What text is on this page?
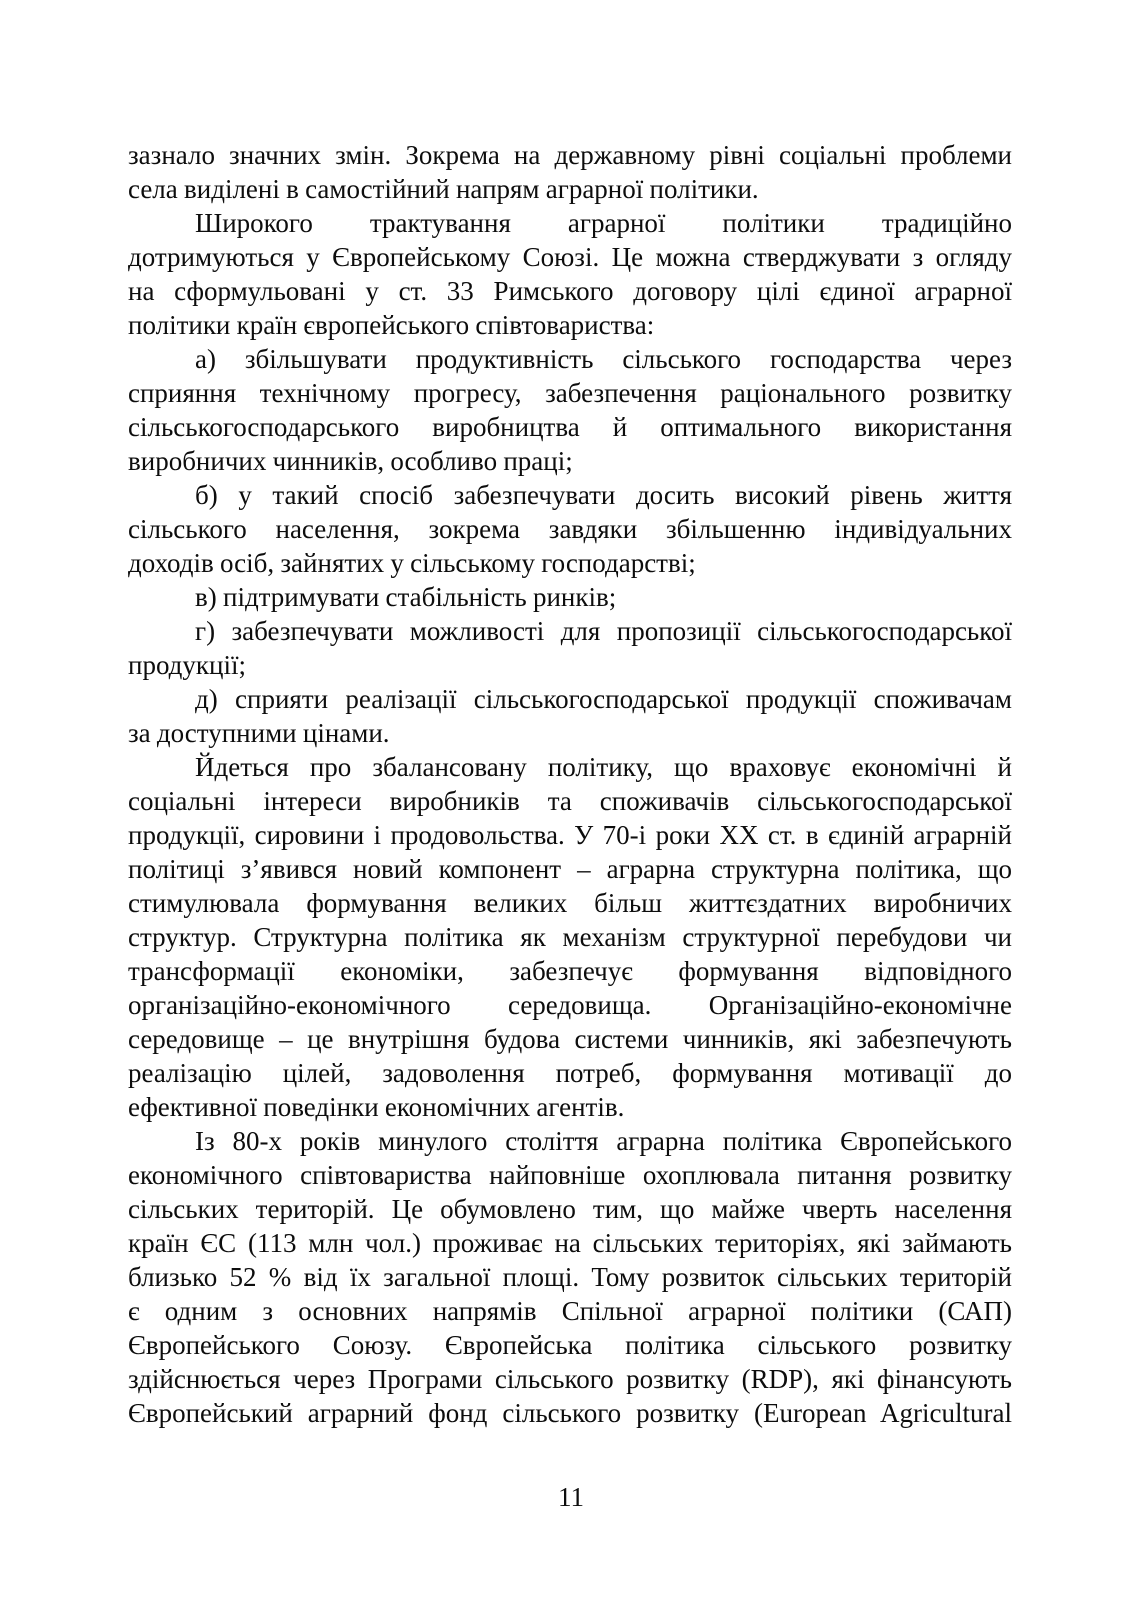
зазнало значних змін. Зокрема на державному рівні соціальні проблеми
села виділені в самостійний напрям аграрної політики.
Широкого трактування аграрної політики традиційно
дотримуються у Європейському Союзі. Це можна стверджувати з огляду
на сформульовані у ст. 33 Римського договору цілі єдиної аграрної
політики країн європейського співтовариства:
а) збільшувати продуктивність сільського господарства через
сприяння технічному прогресу, забезпечення раціонального розвитку
сільськогосподарського виробництва й оптимального використання
виробничих чинників, особливо праці;
б) у такий спосіб забезпечувати досить високий рівень життя
сільського населення, зокрема завдяки збільшенню індивідуальних
доходів осіб, зайнятих у сільському господарстві;
в) підтримувати стабільність ринків;
г) забезпечувати можливості для пропозиції сільськогосподарської
продукції;
д) сприяти реалізації сільськогосподарської продукції споживачам
за доступними цінами.
Йдеться про збалансовану політику, що враховує економічні й
соціальні інтереси виробників та споживачів сільськогосподарської
продукції, сировини і продовольства. У 70-і роки XX ст. в єдиній аграрній
політиці з’явився новий компонент – аграрна структурна політика, що
стимулювала формування великих більш життєздатних виробничих
структур. Структурна політика як механізм структурної перебудови чи
трансформації економіки, забезпечує формування відповідного
організаційно-економічного середовища. Організаційно-економічне
середовище – це внутрішня будова системи чинників, які забезпечують
реалізацію цілей, задоволення потреб, формування мотивації до
ефективної поведінки економічних агентів.
Із 80-х років минулого століття аграрна політика Європейського
економічного співтовариства найповніше охоплювала питання розвитку
сільських територій. Це обумовлено тим, що майже чверть населення
країн ЄС (113 млн чол.) проживає на сільських територіях, які займають
близько 52 % від їх загальної площі. Тому розвиток сільських територій
є одним з основних напрямів Спільної аграрної політики (САП)
Європейського Союзу. Європейська політика сільського розвитку
здійснюється через Програми сільського розвитку (RDP), які фінансують
Європейський аграрний фонд сільського розвитку (European Agricultural
11
